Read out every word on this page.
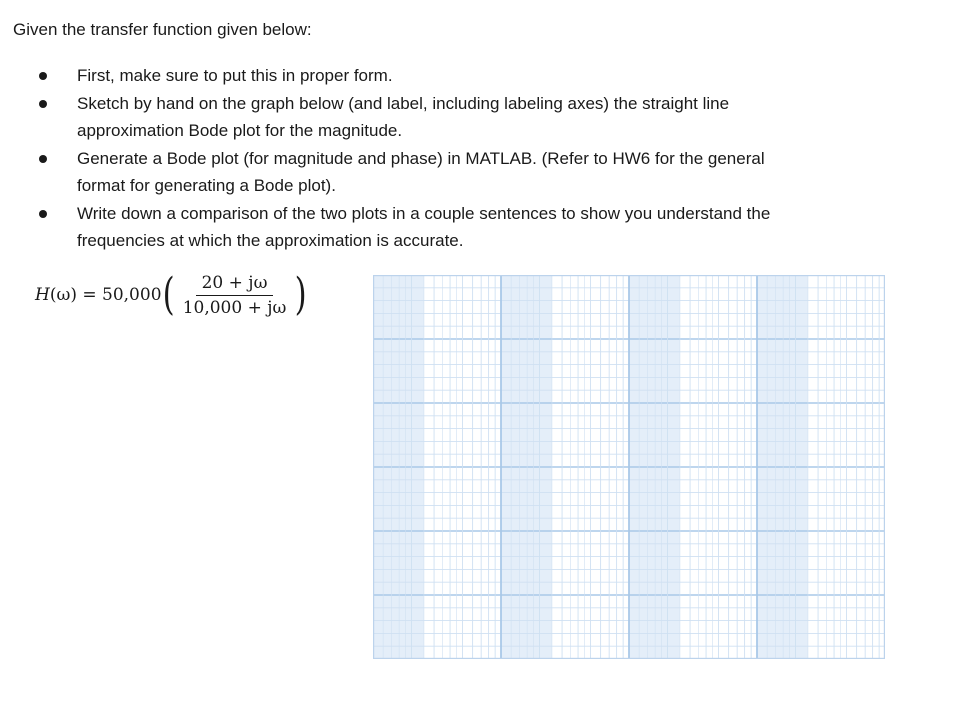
Given the transfer function given below:
First, make sure to put this in proper form.
Sketch by hand on the graph below (and label, including labeling axes) the straight line
approximation Bode plot for the magnitude.
Generate a Bode plot (for magnitude and phase) in MATLAB. (Refer to HW6 for the general
format for generating a Bode plot).
Write down a comparison of the two plots in a couple sentences to show you understand the
frequencies at which the approximation is accurate.
H(ω) = 50,000 ( $\frac{20 + j\omega}{10,000 + j\omega}$ )
